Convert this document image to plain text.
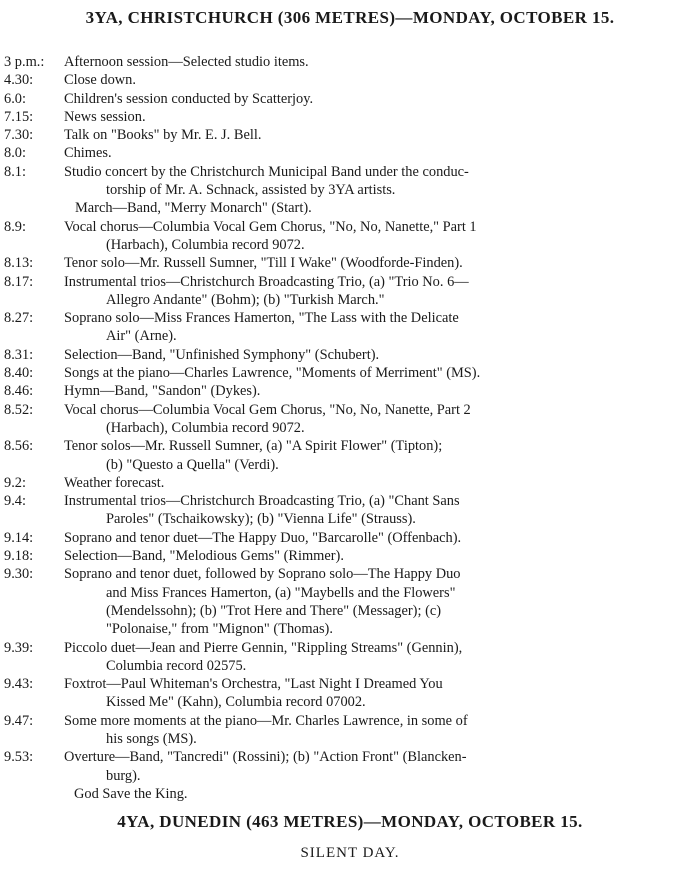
3YA, CHRISTCHURCH (306 METRES)—MONDAY, OCTOBER 15.
3 p.m.:	Afternoon session—Selected studio items.
4.30:	Close down.
6.0:	Children's session conducted by Scatterjoy.
7.15:	News session.
7.30:	Talk on "Books" by Mr. E. J. Bell.
8.0:	Chimes.
8.1:	Studio concert by the Christchurch Municipal Band under the conduc-
torship of Mr. A. Schnack, assisted by 3YA artists.
March—Band, "Merry Monarch" (Start).
8.9:	Vocal chorus—Columbia Vocal Gem Chorus, "No, No, Nanette," Part 1
(Harbach), Columbia record 9072.
8.13:	Tenor solo—Mr. Russell Sumner, "Till I Wake" (Woodforde-Finden).
8.17:	Instrumental trios—Christchurch Broadcasting Trio, (a) "Trio No. 6—
Allegro Andante" (Bohm); (b) "Turkish March."
8.27:	Soprano solo—Miss Frances Hamerton, "The Lass with the Delicate
Air" (Arne).
8.31:	Selection—Band, "Unfinished Symphony" (Schubert).
8.40:	Songs at the piano—Charles Lawrence, "Moments of Merriment" (MS).
8.46:	Hymn—Band, "Sandon" (Dykes).
8.52:	Vocal chorus—Columbia Vocal Gem Chorus, "No, No, Nanette, Part 2
(Harbach), Columbia record 9072.
8.56:	Tenor solos—Mr. Russell Sumner, (a) "A Spirit Flower" (Tipton);
(b) "Questo a Quella" (Verdi).
9.2:	Weather forecast.
9.4:	Instrumental trios—Christchurch Broadcasting Trio, (a) "Chant Sans
Paroles" (Tschaikowsky); (b) "Vienna Life" (Strauss).
9.14:	Soprano and tenor duet—The Happy Duo, "Barcarolle" (Offenbach).
9.18:	Selection—Band, "Melodious Gems" (Rimmer).
9.30:	Soprano and tenor duet, followed by Soprano solo—The Happy Duo
and Miss Frances Hamerton, (a) "Maybells and the Flowers"
(Mendelssohn); (b) "Trot Here and There" (Messager); (c)
"Polonaise," from "Mignon" (Thomas).
9.39:	Piccolo duet—Jean and Pierre Gennin, "Rippling Streams" (Gennin),
Columbia record 02575.
9.43:	Foxtrot—Paul Whiteman's Orchestra, "Last Night I Dreamed You
Kissed Me" (Kahn), Columbia record 07002.
9.47:	Some more moments at the piano—Mr. Charles Lawrence, in some of
his songs (MS).
9.53:	Overture—Band, "Tancredi" (Rossini); (b) "Action Front" (Blancken-
burg).
God Save the King.
4YA, DUNEDIN (463 METRES)—MONDAY, OCTOBER 15.
SILENT DAY.
